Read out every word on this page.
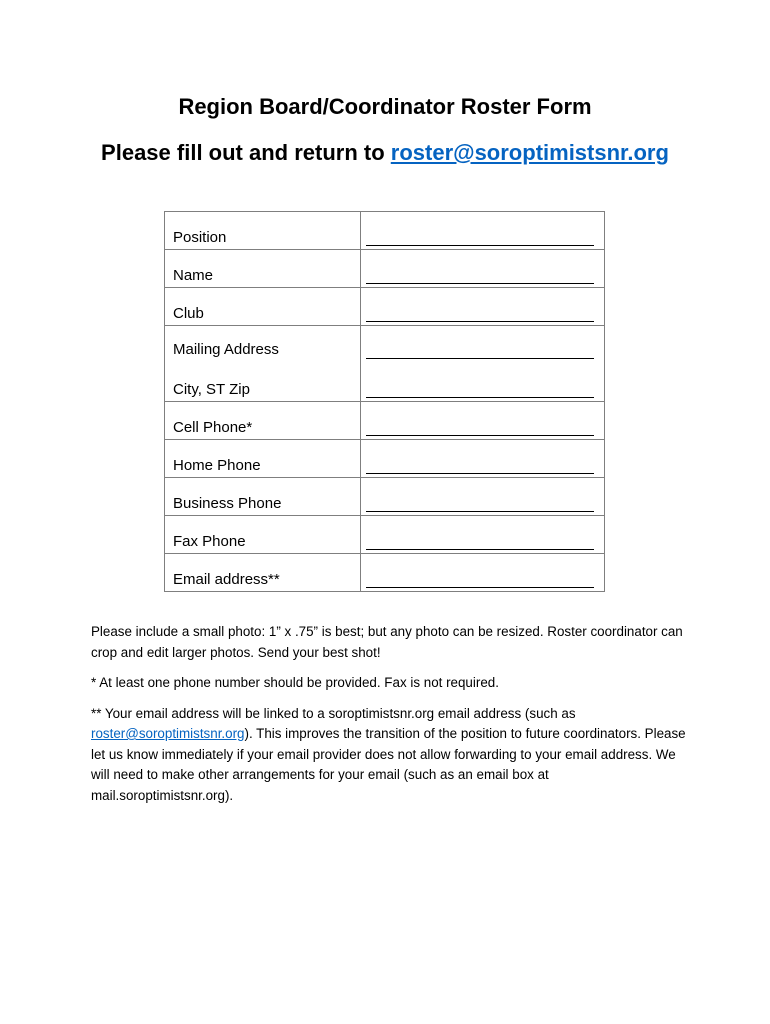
Region Board/Coordinator Roster Form
Please fill out and return to roster@soroptimistsnr.org
Position	

Name	

Club	

Mailing Address
City, ST Zip	

Cell Phone*	

Home Phone	

Business Phone	

Fax Phone	

Email address**	

Please include a small photo: 1” x .75” is best; but any photo can be resized. Roster coordinator can crop and edit larger photos. Send your best shot!

* At least one phone number should be provided. Fax is not required.

** Your email address will be linked to a soroptimistsnr.org email address (such as roster@soroptimistsnr.org). This improves the transition of the position to future coordinators. Please let us know immediately if your email provider does not allow forwarding to your email address. We will need to make other arrangements for your email (such as an email box at mail.soroptimistsnr.org).
